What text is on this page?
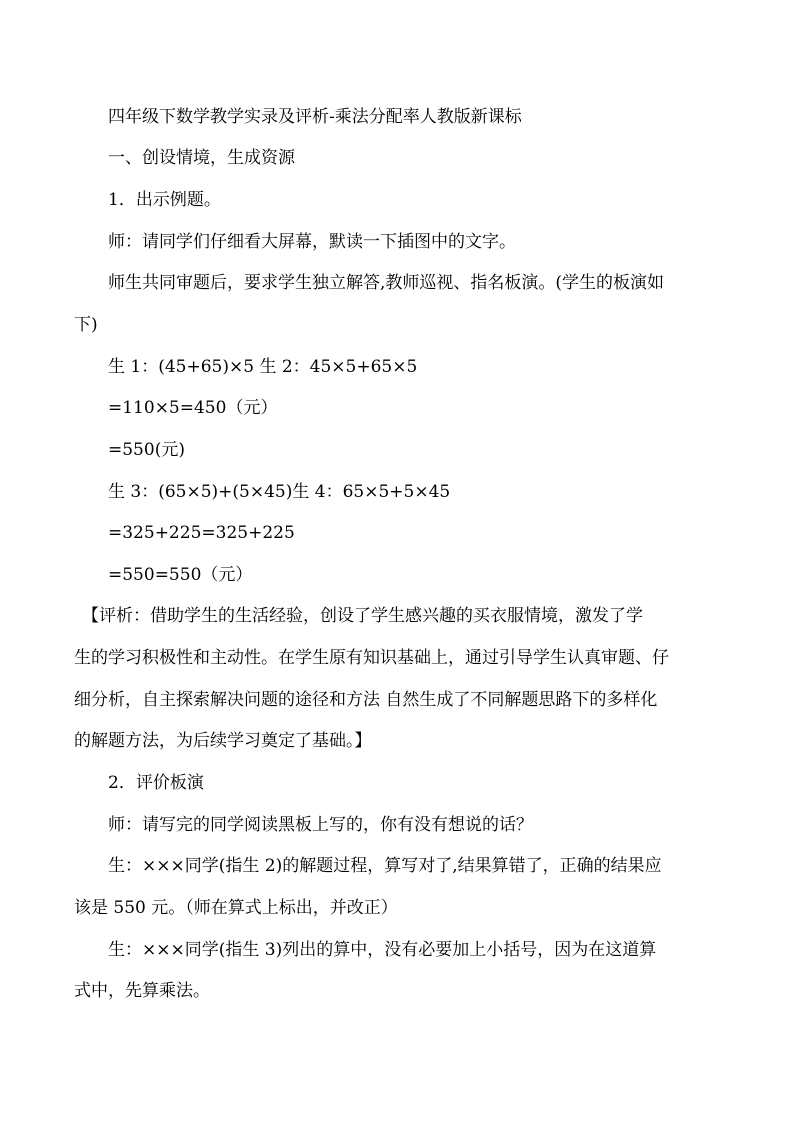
四年级下数学教学实录及评析-乘法分配率人教版新课标
一、创设情境，生成资源
1．出示例题。
师：请同学们仔细看大屏幕，默读一下插图中的文字。
师生共同审题后，要求学生独立解答,教师巡视、指名板演。(学生的板演如
下)
生 1：(45+65)×5 生 2：45×5+65×5
=110×5=450（元）
=550(元)
生 3：(65×5)+(5×45)生 4：65×5+5×45
=325+225=325+225
=550=550（元）
【评析：借助学生的生活经验，创设了学生感兴趣的买衣服情境，激发了学
生的学习积极性和主动性。在学生原有知识基础上，通过引导学生认真审题、仔
细分析，自主探索解决问题的途径和方法 自然生成了不同解题思路下的多样化
的解题方法，为后续学习奠定了基础。】
2．评价板演
师：请写完的同学阅读黑板上写的，你有没有想说的话？
生：×××同学(指生 2)的解题过程，算写对了,结果算错了，正确的结果应
该是 550 元。（师在算式上标出，并改正）
生：×××同学(指生 3)列出的算中，没有必要加上小括号，因为在这道算
式中，先算乘法。
